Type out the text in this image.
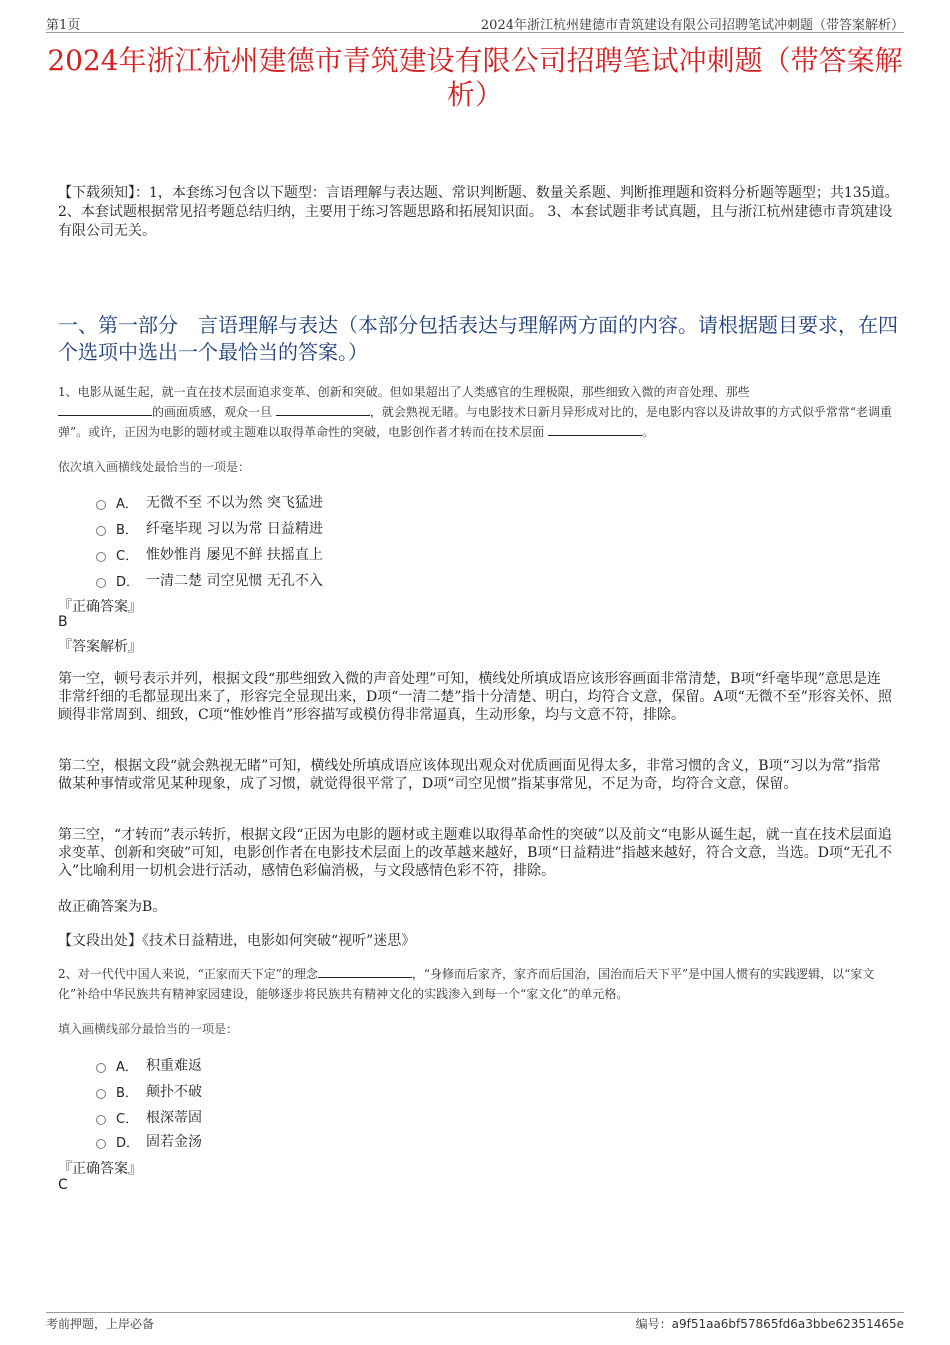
第1页	2024年浙江杭州建德市青筑建设有限公司招聘笔试冲刺题（带答案解析）
2024年浙江杭州建德市青筑建设有限公司招聘笔试冲刺题（带答案解析）
【下载须知】：1，本套练习包含以下题型：言语理解与表达题、常识判断题、数量关系题、判断推理题和资料分析题等题型；共135道。 2、本套试题根据常见招考题总结归纳，主要用于练习答题思路和拓展知识面。 3、本套试题非考试真题，且与浙江杭州建德市青筑建设有限公司无关。
一、第一部分　言语理解与表达（本部分包括表达与理解两方面的内容。请根据题目要求，在四个选项中选出一个最恰当的答案。）
1、电影从诞生起，就一直在技术层面追求变革、创新和突破。但如果超出了人类感官的生理极限，那些细致入微的声音处理、那些
的画面质感，观众一旦	，就会熟视无睹。与电影技术日新月异形成对比的，是电影内容以及讲故事的方式似乎常常“老调重弹”。或许，正因为电影的题材或主题难以取得革命性的突破，电影创作者才转而在技术层面	。
依次填入画横线处最恰当的一项是：
A． 无微不至 不以为然 突飞猛进
B． 纤毫毕现 习以为常 日益精进
C． 惟妙惟肖 屡见不鲜 扶摇直上
D． 一清二楚 司空见惯 无孔不入
『正确答案』
B
『答案解析』
第一空，顿号表示并列，根据文段“那些细致入微的声音处理”可知，横线处所填成语应该形容画面非常清楚，B项“纤毫毕现”意思是连非常纤细的毛都显现出来了，形容完全显现出来，D项“一清二楚”指十分清楚、明白，均符合文意，保留。A项“无微不至”形容关怀、照顾得非常周到、细致，C项“惟妙惟肖”形容描写或模仿得非常逼真，生动形象，均与文意不符，排除。
第二空，根据文段“就会熟视无睹”可知，横线处所填成语应该体现出观众对优质画面见得太多，非常习惯的含义，B项“习以为常”指常做某种事情或常见某种现象，成了习惯，就觉得很平常了，D项“司空见惯”指某事常见，不足为奇，均符合文意，保留。
第三空，“才转而”表示转折，根据文段“正因为电影的题材或主题难以取得革命性的突破”以及前文“电影从诞生起，就一直在技术层面追求变革、创新和突破”可知，电影创作者在电影技术层面上的改革越来越好，B项“日益精进”指越来越好，符合文意，当选。D项“无孔不入”比喻利用一切机会进行活动，感情色彩偏消极，与文段感情色彩不符，排除。
故正确答案为B。
【文段出处】《技术日益精进，电影如何突破“视听”迷思》
2、对一代代中国人来说，“正家而天下定”的理念	，“身修而后家齐，家齐而后国治，国治而后天下平”是中国人惯有的实践逻辑，以“家文化”补给中华民族共有精神家园建设，能够逐步将民族共有精神文化的实践渗入到每一个“家文化”的单元格。
填入画横线部分最恰当的一项是：
A． 积重难返
B． 颠扑不破
C． 根深蒂固
D． 固若金汤
『正确答案』
C
考前押题，上岸必备	编号：a9f51aa6bf57865fd6a3bbe62351465e
